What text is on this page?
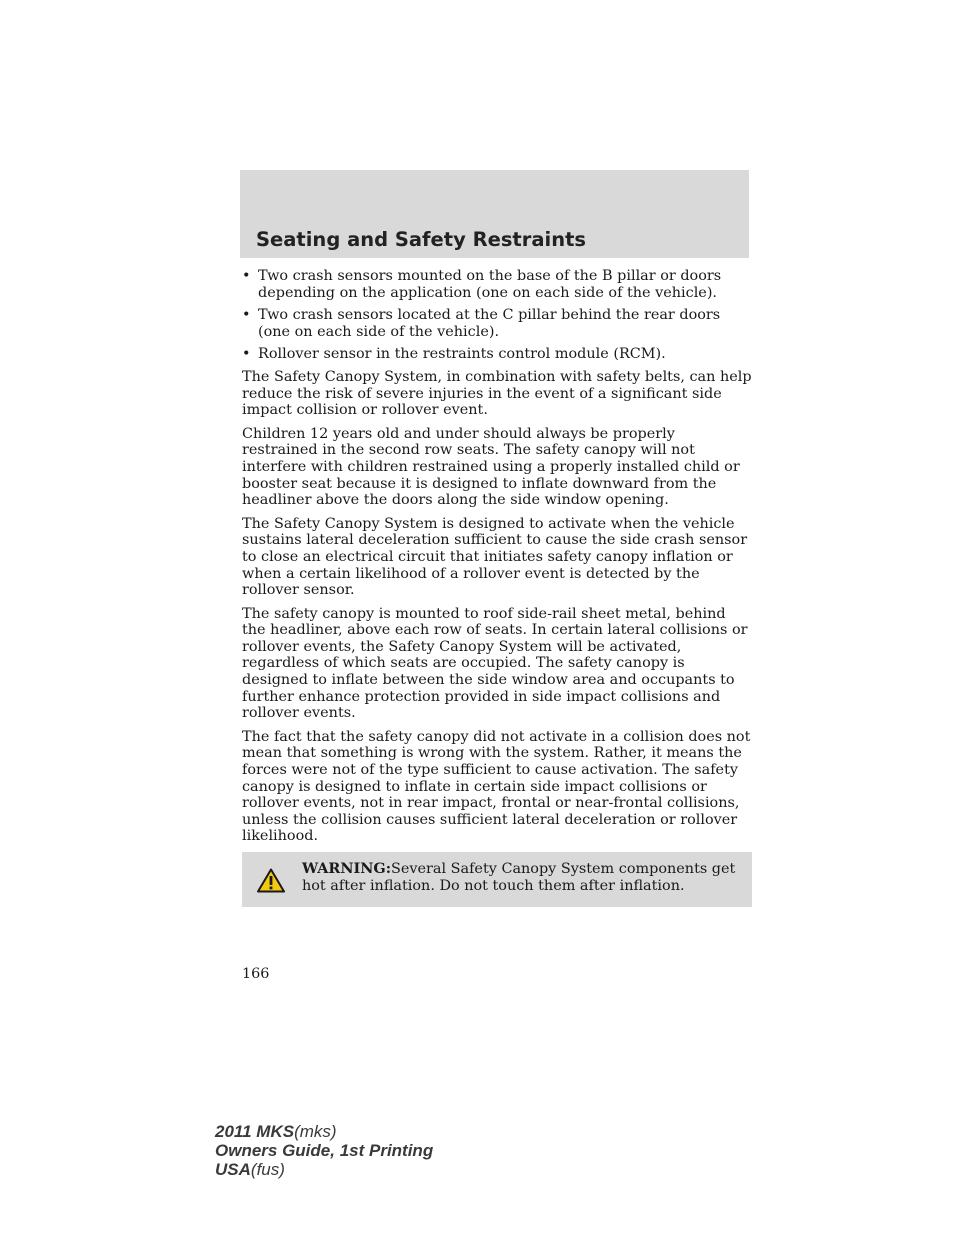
Seating and Safety Restraints
• Two crash sensors mounted on the base of the B pillar or doors depending on the application (one on each side of the vehicle).
• Two crash sensors located at the C pillar behind the rear doors (one on each side of the vehicle).
• Rollover sensor in the restraints control module (RCM).

The Safety Canopy System, in combination with safety belts, can help reduce the risk of severe injuries in the event of a significant side impact collision or rollover event.

Children 12 years old and under should always be properly restrained in the second row seats. The safety canopy will not interfere with children restrained using a properly installed child or booster seat because it is designed to inflate downward from the headliner above the doors along the side window opening.

The Safety Canopy System is designed to activate when the vehicle sustains lateral deceleration sufficient to cause the side crash sensor to close an electrical circuit that initiates safety canopy inflation or when a certain likelihood of a rollover event is detected by the rollover sensor.

The safety canopy is mounted to roof side-rail sheet metal, behind the headliner, above each row of seats. In certain lateral collisions or rollover events, the Safety Canopy System will be activated, regardless of which seats are occupied. The safety canopy is designed to inflate between the side window area and occupants to further enhance protection provided in side impact collisions and rollover events.

The fact that the safety canopy did not activate in a collision does not mean that something is wrong with the system. Rather, it means the forces were not of the type sufficient to cause activation. The safety canopy is designed to inflate in certain side impact collisions or rollover events, not in rear impact, frontal or near-frontal collisions, unless the collision causes sufficient lateral deceleration or rollover likelihood.

WARNING:Several Safety Canopy System components get hot after inflation. Do not touch them after inflation.
166
2011 MKS(mks)
Owners Guide, 1st Printing
USA(fus)
